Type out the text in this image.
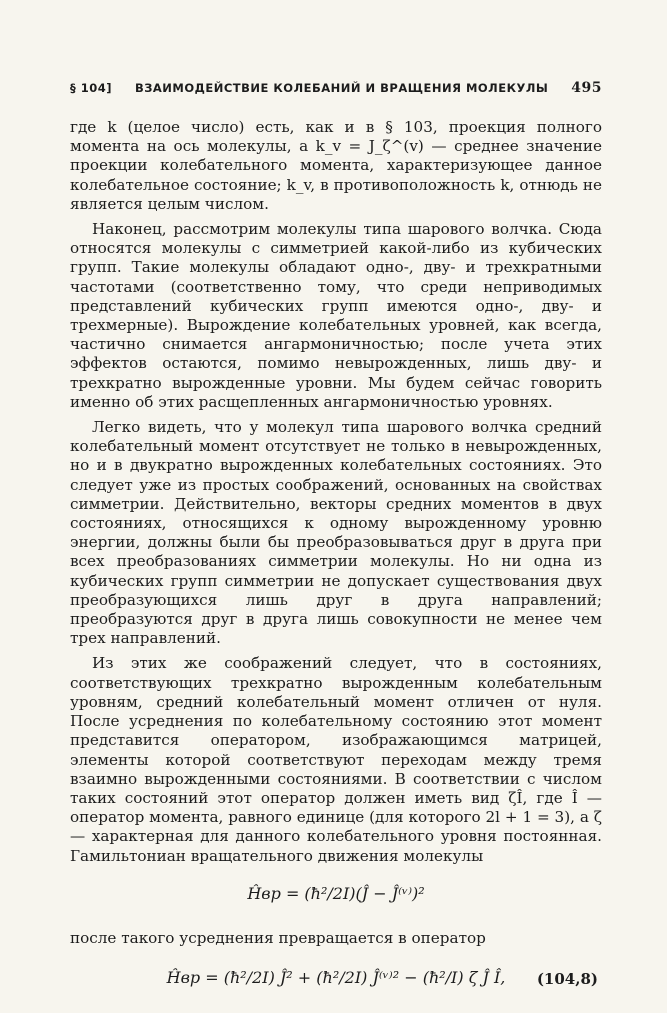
§ 104] ВЗАИМОДЕЙСТВИЕ КОЛЕБАНИЙ И ВРАЩЕНИЯ МОЛЕКУЛЫ 495

где k (целое число) есть, как и в § 103, проекция полного момента на ось молекулы, а k_v = J_ζ^(v) — среднее значение проекции колебательного момента, характеризующее данное колебательное состояние; k_v, в противоположность k, отнюдь не является целым числом.

Наконец, рассмотрим молекулы типа шарового волчка. Сюда относятся молекулы с симметрией какой-либо из кубических групп. Такие молекулы обладают одно-, дву- и трехкратными частотами (соответственно тому, что среди неприводимых представлений кубических групп имеются одно-, дву- и трехмерные). Вырождение колебательных уровней, как всегда, частично снимается ангармоничностью; после учета этих эффектов остаются, помимо невырожденных, лишь дву- и трехкратно вырожденные уровни. Мы будем сейчас говорить именно об этих расщепленных ангармоничностью уровнях.

Легко видеть, что у молекул типа шарового волчка средний колебательный момент отсутствует не только в невырожденных, но и в двукратно вырожденных колебательных состояниях. Это следует уже из простых соображений, основанных на свойствах симметрии. Действительно, векторы средних моментов в двух состояниях, относящихся к одному вырожденному уровню энергии, должны были бы преобразовываться друг в друга при всех преобразованиях симметрии молекулы. Но ни одна из кубических групп симметрии не допускает существования двух преобразующихся лишь друг в друга направлений; преобразуются друг в друга лишь совокупности не менее чем трех направлений.

Из этих же соображений следует, что в состояниях, соответствующих трехкратно вырожденным колебательным уровням, средний колебательный момент отличен от нуля. После усреднения по колебательному состоянию этот момент представится оператором, изображающимся матрицей, элементы которой соответствуют переходам между тремя взаимно вырожденными состояниями. В соответствии с числом таких состояний этот оператор должен иметь вид ζÎ, где Î — оператор момента, равного единице (для которого 2l + 1 = 3), а ζ — характерная для данного колебательного уровня постоянная. Гамильтониан вращательного движения молекулы

Ĥвр = (ħ²/2I)(Ĵ − Ĵ⁽ᵛ⁾)²

после такого усреднения превращается в оператор

Ĥвр = (ħ²/2I) Ĵ² + (ħ²/2I) Ĵ⁽ᵛ⁾² − (ħ²/I) ζ Ĵ Î, (104,8)
